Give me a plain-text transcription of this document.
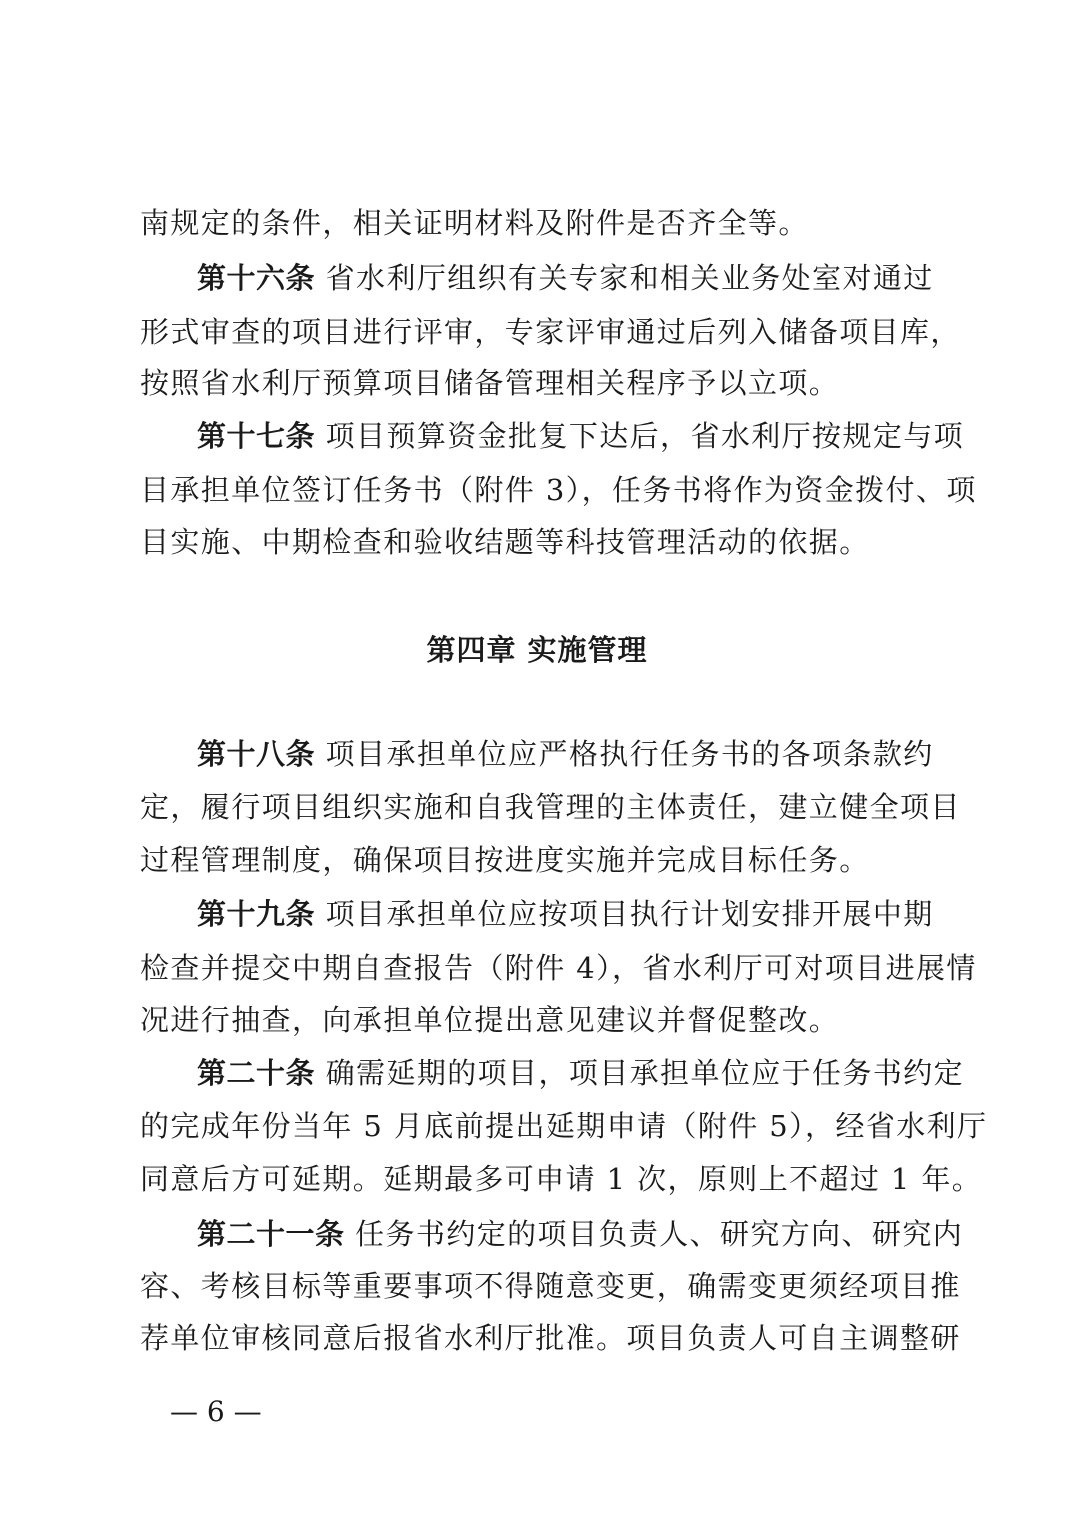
南规定的条件，相关证明材料及附件是否齐全等。
第十六条 省水利厅组织有关专家和相关业务处室对通过
形式审查的项目进行评审，专家评审通过后列入储备项目库，
按照省水利厅预算项目储备管理相关程序予以立项。
第十七条 项目预算资金批复下达后，省水利厅按规定与项
目承担单位签订任务书（附件 3），任务书将作为资金拨付、项
目实施、中期检查和验收结题等科技管理活动的依据。
第四章 实施管理
第十八条 项目承担单位应严格执行任务书的各项条款约
定，履行项目组织实施和自我管理的主体责任，建立健全项目
过程管理制度，确保项目按进度实施并完成目标任务。
第十九条 项目承担单位应按项目执行计划安排开展中期
检查并提交中期自查报告（附件 4），省水利厅可对项目进展情
况进行抽查，向承担单位提出意见建议并督促整改。
第二十条 确需延期的项目，项目承担单位应于任务书约定
的完成年份当年 5 月底前提出延期申请（附件 5），经省水利厅
同意后方可延期。延期最多可申请 1 次，原则上不超过 1 年。
第二十一条 任务书约定的项目负责人、研究方向、研究内
容、考核目标等重要事项不得随意变更，确需变更须经项目推
荐单位审核同意后报省水利厅批准。项目负责人可自主调整研
— 6 —
